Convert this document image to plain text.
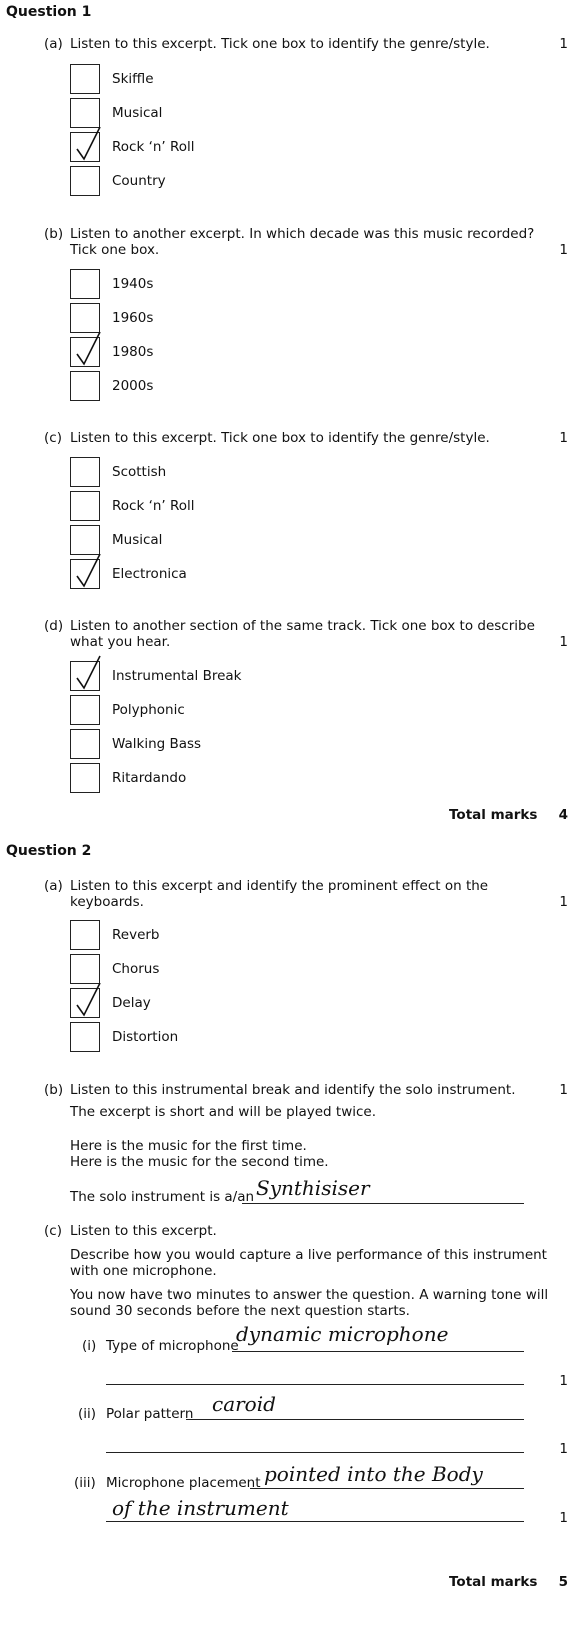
Question 1
(a) Listen to this excerpt. Tick one box to identify the genre/style.	1
Skiffle
Musical
Rock ‘n’ Roll
Country
(b) Listen to another excerpt. In which decade was this music recorded?
Tick one box.	1
1940s
1960s
1980s
2000s
(c) Listen to this excerpt. Tick one box to identify the genre/style.	1
Scottish
Rock ‘n’ Roll
Musical
Electronica
(d) Listen to another section of the same track. Tick one box to describe
what you hear.	1
Instrumental Break
Polyphonic
Walking Bass
Ritardando
Total marks 4
Question 2
(a) Listen to this excerpt and identify the prominent effect on the
keyboards.	1
Reverb
Chorus
Delay
Distortion
(b) Listen to this instrumental break and identify the solo instrument.	1
The excerpt is short and will be played twice.
Here is the music for the first time.
Here is the music for the second time.
The solo instrument is a/an Synthisiser
(c) Listen to this excerpt.
Describe how you would capture a live performance of this instrument
with one microphone.
You now have two minutes to answer the question. A warning tone will
sound 30 seconds before the next question starts.
(i) Type of microphone
dynamic microphone
1
(ii) Polar pattern caroid
1
(iii) Microphone placement pointed into the Body
of the instrument	1
Total marks 5
